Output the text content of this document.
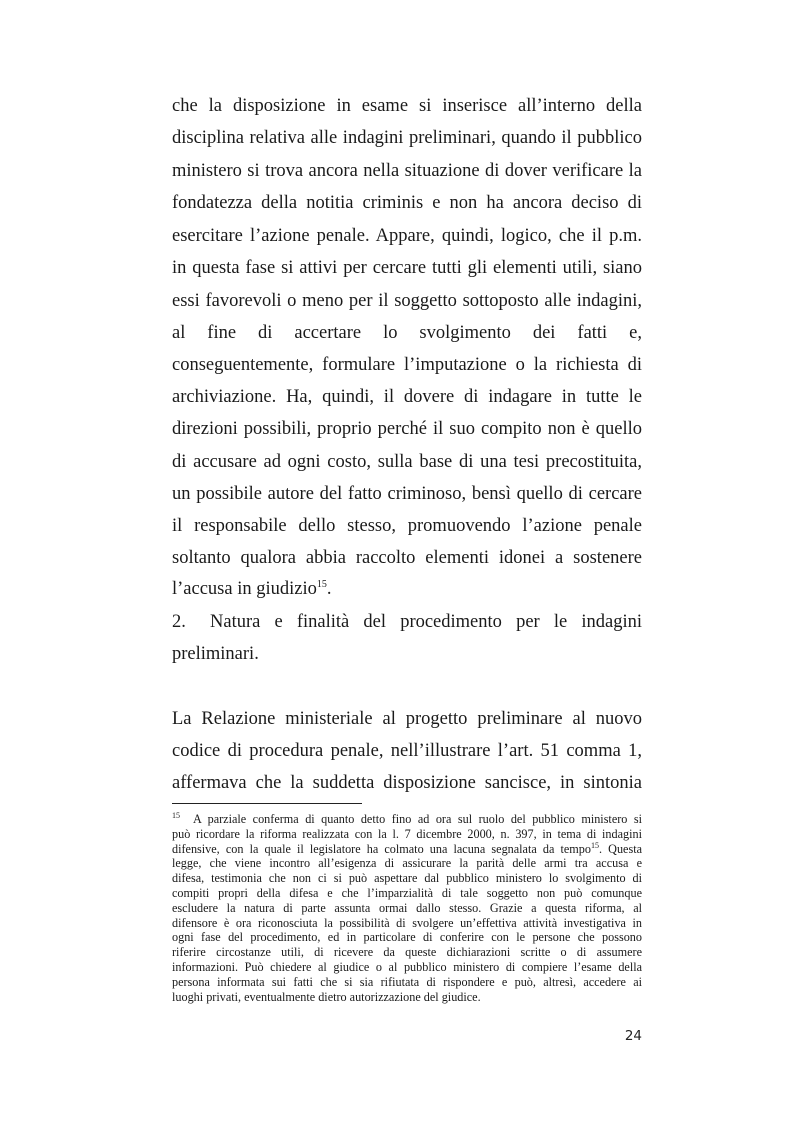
che la disposizione in esame si inserisce all’interno della
disciplina relativa alle indagini preliminari, quando il pubblico
ministero si trova ancora nella situazione di dover verificare la
fondatezza della notitia criminis e non ha ancora deciso di
esercitare l’azione penale. Appare, quindi, logico, che il p.m.
in questa fase si attivi per cercare tutti gli elementi utili, siano
essi favorevoli o meno per il soggetto sottoposto alle indagini,
al fine di accertare lo svolgimento dei fatti e,
conseguentemente, formulare l’imputazione o la richiesta di
archiviazione. Ha, quindi, il dovere di indagare in tutte le
direzioni possibili, proprio perché il suo compito non è quello
di accusare ad ogni costo, sulla base di una tesi precostituita,
un possibile autore del fatto criminoso, bensì quello di cercare
il responsabile dello stesso, promuovendo l’azione penale
soltanto qualora abbia raccolto elementi idonei a sostenere
l’accusa in giudizio$^{15}$.
2. Natura e finalità del procedimento per le indagini
preliminari.
La Relazione ministeriale al progetto preliminare al nuovo
codice di procedura penale, nell’illustrare l’art. 51 comma 1,
affermava che la suddetta disposizione sancisce, in sintonia
$^{15}$ A parziale conferma di quanto detto fino ad ora sul ruolo del pubblico ministero si
può ricordare la riforma realizzata con la l. 7 dicembre 2000, n. 397, in tema di indagini
difensive, con la quale il legislatore ha colmato una lacuna segnalata da tempo$^{15}$. Questa
legge, che viene incontro all’esigenza di assicurare la parità delle armi tra accusa e
difesa, testimonia che non ci si può aspettare dal pubblico ministero lo svolgimento di
compiti propri della difesa e che l’imparzialità di tale soggetto non può comunque
escludere la natura di parte assunta ormai dallo stesso. Grazie a questa riforma, al
difensore è ora riconosciuta la possibilità di svolgere un’effettiva attività investigativa in
ogni fase del procedimento, ed in particolare di conferire con le persone che possono
riferire circostanze utili, di ricevere da queste dichiarazioni scritte o di assumere
informazioni. Può chiedere al giudice o al pubblico ministero di compiere l’esame della
persona informata sui fatti che si sia rifiutata di rispondere e può, altresì, accedere ai
luoghi privati, eventualmente dietro autorizzazione del giudice.
24
